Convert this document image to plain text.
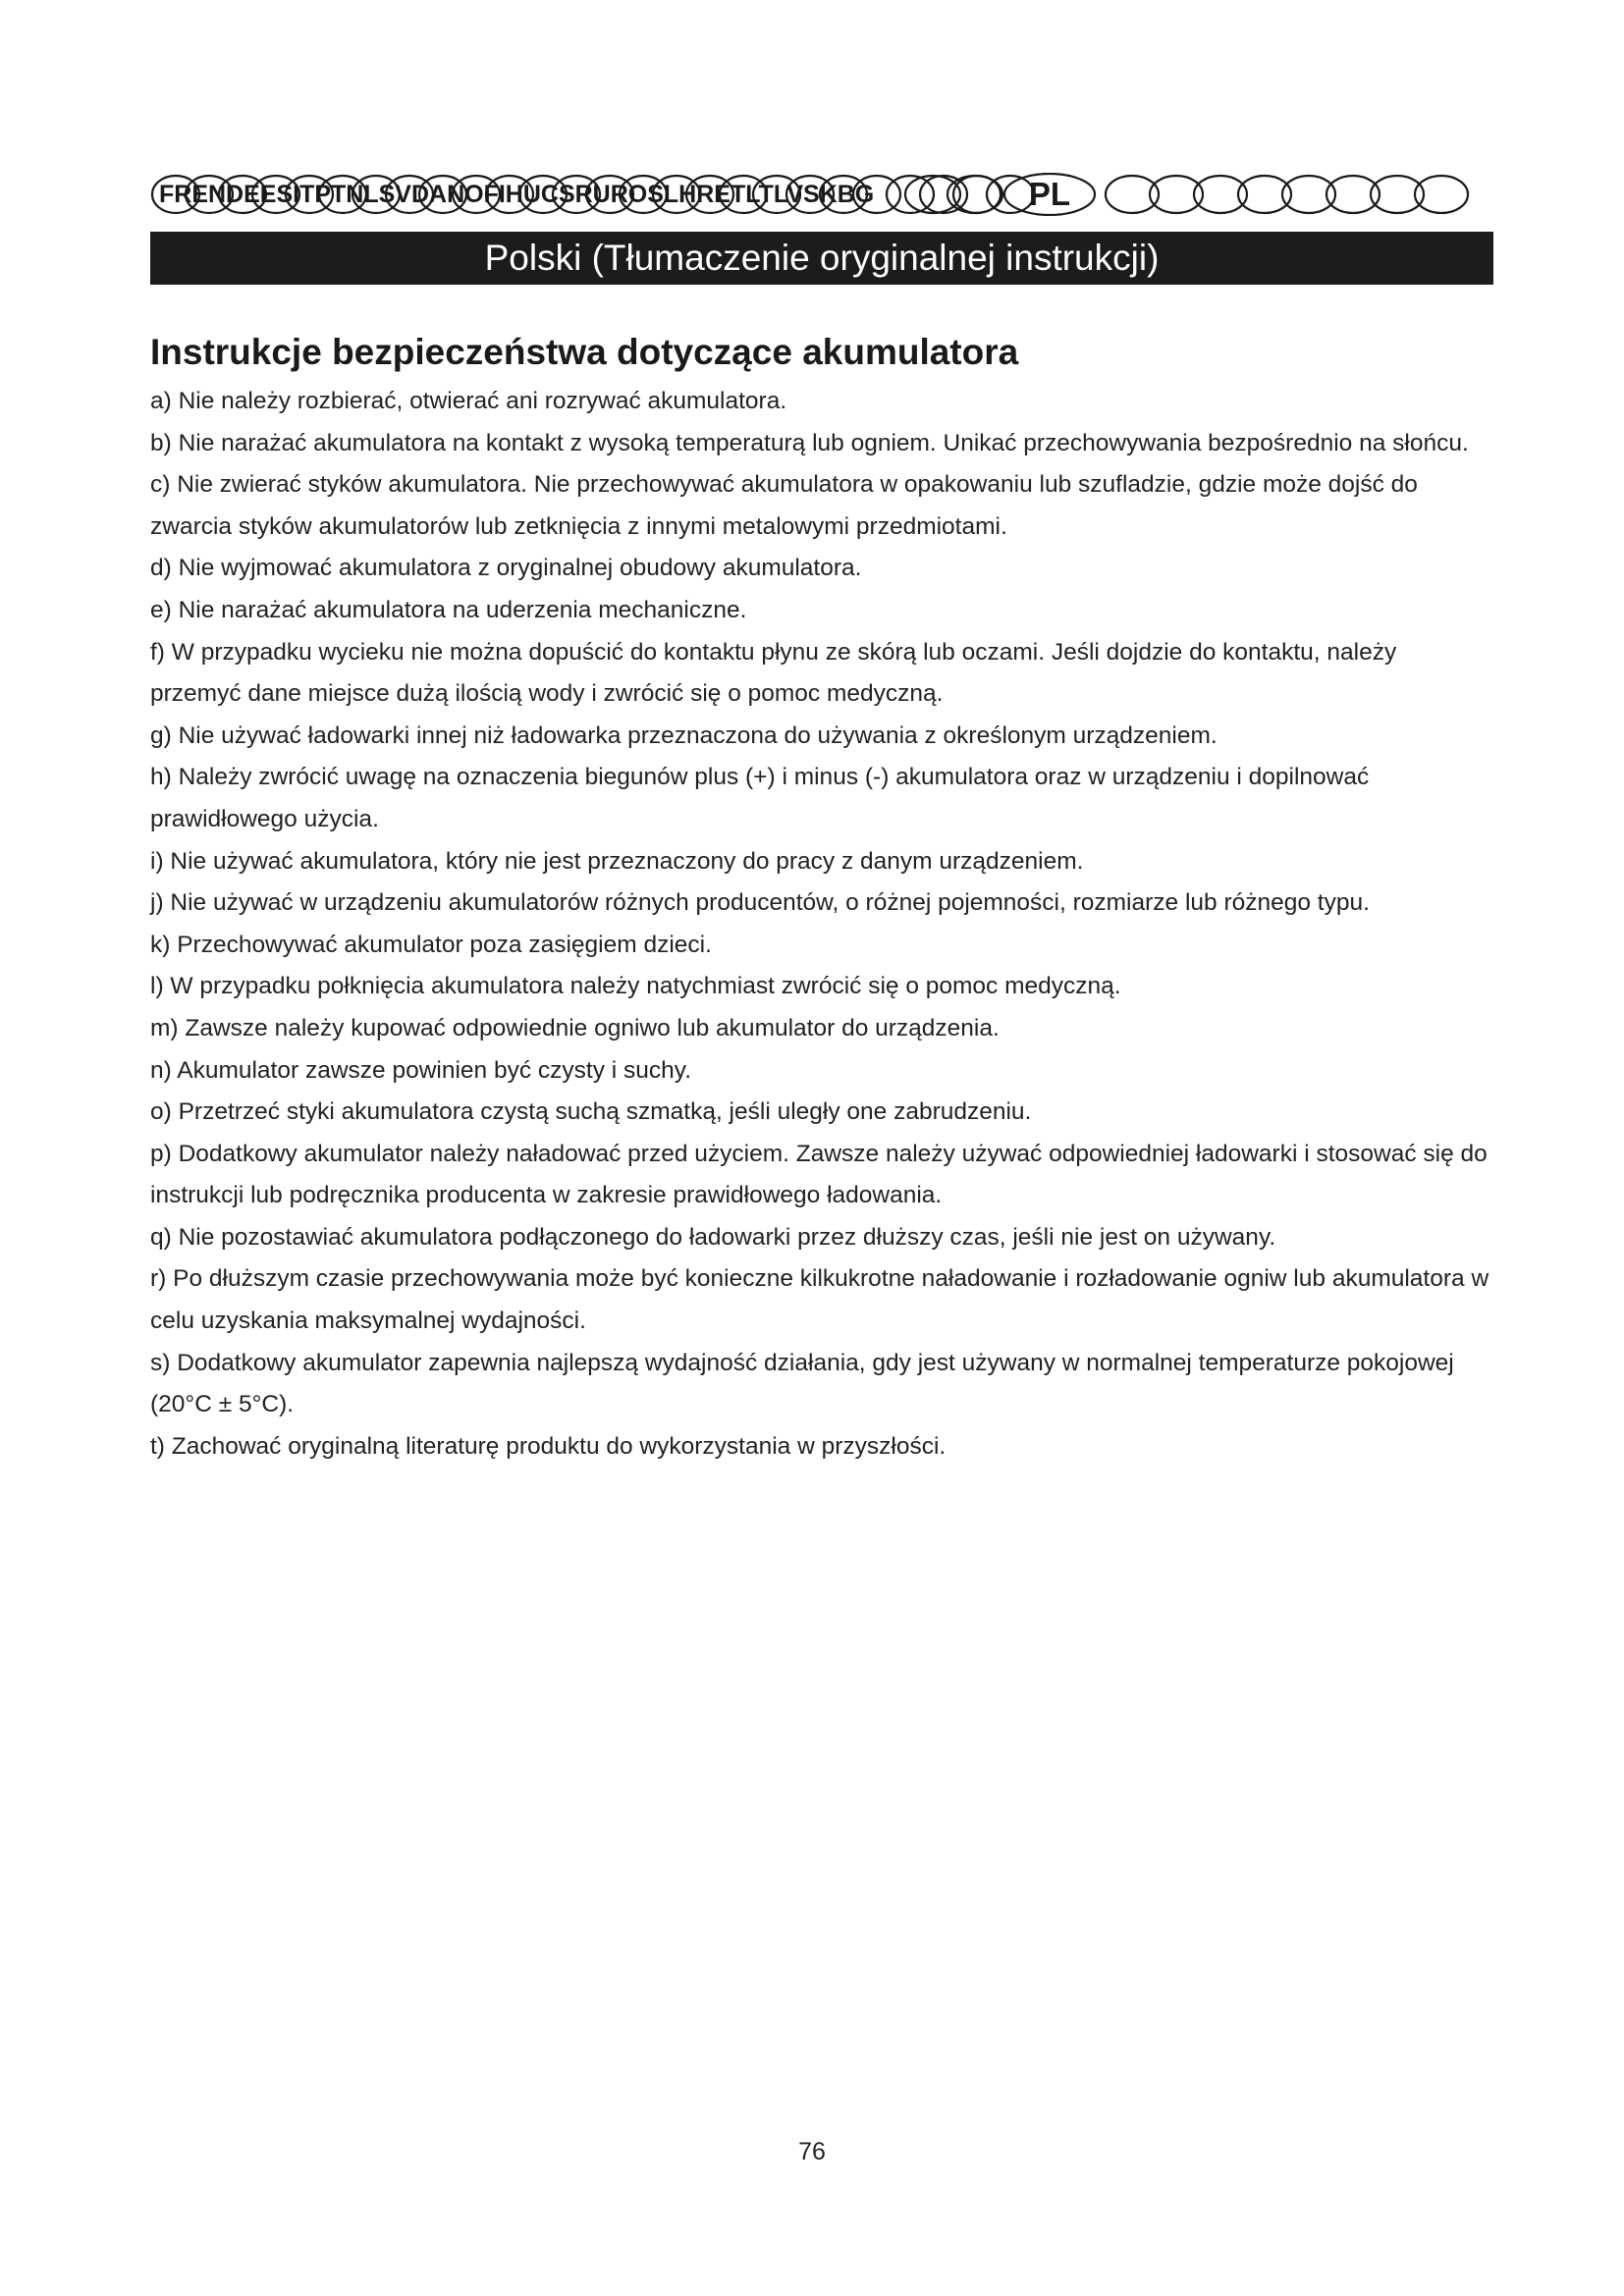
FRENDEESITPTNLSVDANOFIHUCSRUROSLHRETLTLVSKBG	PL
Polski (Tłumaczenie oryginalnej instrukcji)
Instrukcje bezpieczeństwa dotyczące akumulatora
a) Nie należy rozbierać, otwierać ani rozrywać akumulatora.
b) Nie narażać akumulatora na kontakt z wysoką temperaturą lub ogniem. Unikać przechowywania bezpośrednio na słońcu.
c) Nie zwierać styków akumulatora. Nie przechowywać akumulatora w opakowaniu lub szufladzie, gdzie może dojść do zwarcia styków akumulatorów lub zetknięcia z innymi metalowymi przedmiotami.
d) Nie wyjmować akumulatora z oryginalnej obudowy akumulatora.
e) Nie narażać akumulatora na uderzenia mechaniczne.
f) W przypadku wycieku nie można dopuścić do kontaktu płynu ze skórą lub oczami. Jeśli dojdzie do kontaktu, należy przemyć dane miejsce dużą ilością wody i zwrócić się o pomoc medyczną.
g) Nie używać ładowarki innej niż ładowarka przeznaczona do używania z określonym urządzeniem.
h) Należy zwrócić uwagę na oznaczenia biegunów plus (+) i minus (-) akumulatora oraz w urządzeniu i dopilnować prawidłowego użycia.
i) Nie używać akumulatora, który nie jest przeznaczony do pracy z danym urządzeniem.
j) Nie używać w urządzeniu akumulatorów różnych producentów, o różnej pojemności, rozmiarze lub różnego typu.
k) Przechowywać akumulator poza zasięgiem dzieci.
l) W przypadku połknięcia akumulatora należy natychmiast zwrócić się o pomoc medyczną.
m) Zawsze należy kupować odpowiednie ogniwo lub akumulator do urządzenia.
n) Akumulator zawsze powinien być czysty i suchy.
o) Przetrzeć styki akumulatora czystą suchą szmatką, jeśli uległy one zabrudzeniu.
p) Dodatkowy akumulator należy naładować przed użyciem. Zawsze należy używać odpowiedniej ładowarki i stosować się do instrukcji lub podręcznika producenta w zakresie prawidłowego ładowania.
q) Nie pozostawiać akumulatora podłączonego do ładowarki przez dłuższy czas, jeśli nie jest on używany.
r) Po dłuższym czasie przechowywania może być konieczne kilkukrotne naładowanie i rozładowanie ogniw lub akumulatora w celu uzyskania maksymalnej wydajności.
s) Dodatkowy akumulator zapewnia najlepszą wydajność działania, gdy jest używany w normalnej temperaturze pokojowej (20°C ± 5°C).
t) Zachować oryginalną literaturę produktu do wykorzystania w przyszłości.
76
